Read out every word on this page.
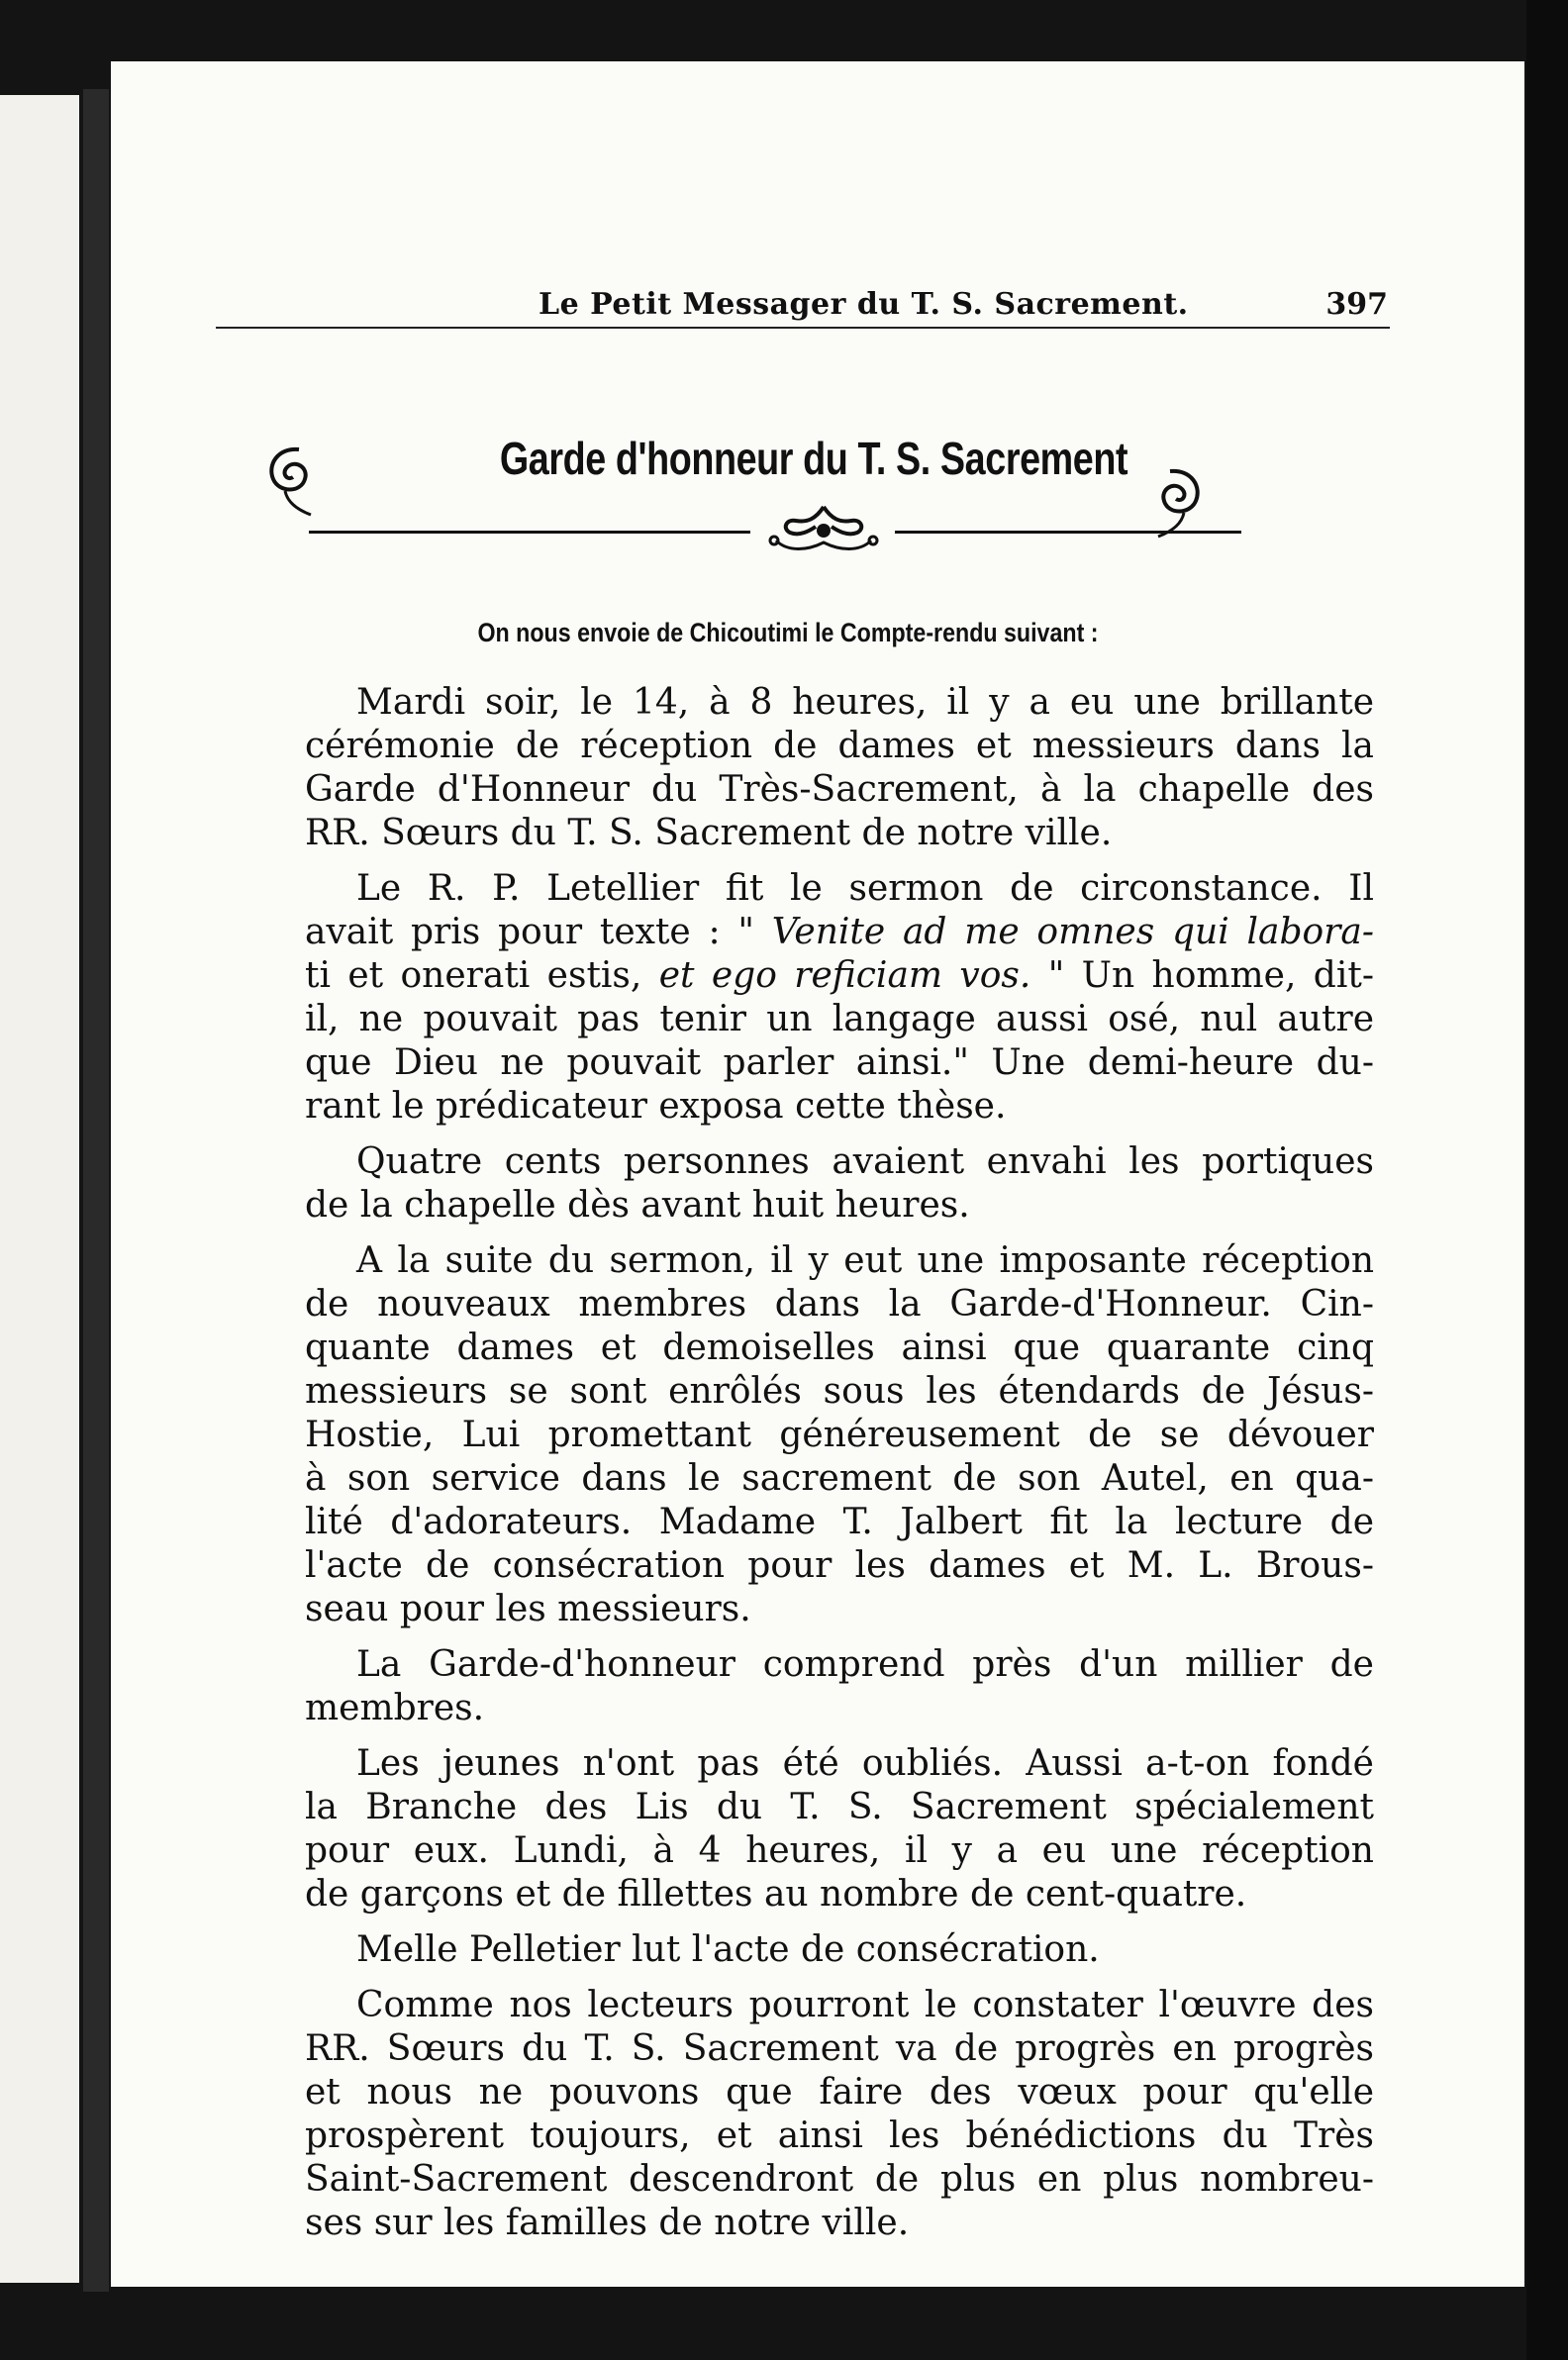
Le Petit Messager du T. S. Sacrement.	397
Garde d'honneur du T. S. Sacrement
On nous envoie de Chicoutimi le Compte-rendu suivant :
Mardi soir, le 14, à 8 heures, il y a eu une brillante
cérémonie de réception de dames et messieurs dans la
Garde d'Honneur du Très-Sacrement, à la chapelle des
RR. Sœurs du T. S. Sacrement de notre ville.
Le R. P. Letellier fit le sermon de circonstance. Il
avait pris pour texte : " Venite ad me omnes qui labora-
ti et onerati estis, et ego reficiam vos. " Un homme, dit-
il, ne pouvait pas tenir un langage aussi osé, nul autre
que Dieu ne pouvait parler ainsi." Une demi-heure du-
rant le prédicateur exposa cette thèse.
Quatre cents personnes avaient envahi les portiques
de la chapelle dès avant huit heures.
A la suite du sermon, il y eut une imposante réception
de nouveaux membres dans la Garde-d'Honneur. Cin-
quante dames et demoiselles ainsi que quarante cinq
messieurs se sont enrôlés sous les étendards de Jésus-
Hostie, Lui promettant généreusement de se dévouer
à son service dans le sacrement de son Autel, en qua-
lité d'adorateurs. Madame T. Jalbert fit la lecture de
l'acte de consécration pour les dames et M. L. Brous-
seau pour les messieurs.
La Garde-d'honneur comprend près d'un millier de
membres.
Les jeunes n'ont pas été oubliés. Aussi a-t-on fondé
la Branche des Lis du T. S. Sacrement spécialement
pour eux. Lundi, à 4 heures, il y a eu une réception
de garçons et de fillettes au nombre de cent-quatre.
Melle Pelletier lut l'acte de consécration.
Comme nos lecteurs pourront le constater l'œuvre des
RR. Sœurs du T. S. Sacrement va de progrès en progrès
et nous ne pouvons que faire des vœux pour qu'elle
prospèrent toujours, et ainsi les bénédictions du Très
Saint-Sacrement descendront de plus en plus nombreu-
ses sur les familles de notre ville.
